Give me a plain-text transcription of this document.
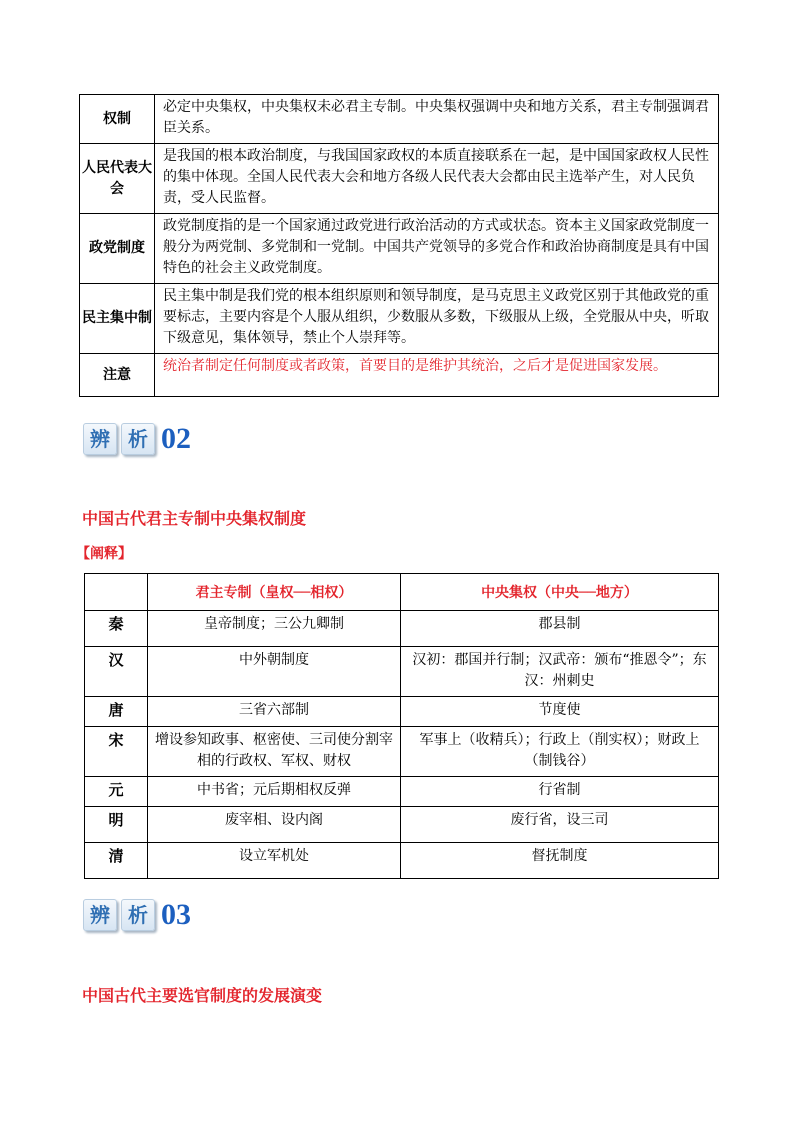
权制	必定中央集权，中央集权未必君主专制。中央集权强调中央和地方关系，君主专制强调君臣关系。
人民代表大会	是我国的根本政治制度，与我国国家政权的本质直接联系在一起，是中国国家政权人民性的集中体现。全国人民代表大会和地方各级人民代表大会都由民主选举产生，对人民负责，受人民监督。
政党制度	政党制度指的是一个国家通过政党进行政治活动的方式或状态。资本主义国家政党制度一般分为两党制、多党制和一党制。中国共产党领导的多党合作和政治协商制度是具有中国特色的社会主义政党制度。
民主集中制	民主集中制是我们党的根本组织原则和领导制度，是马克思主义政党区别于其他政党的重要标志，主要内容是个人服从组织，少数服从多数，下级服从上级，全党服从中央，听取下级意见，集体领导，禁止个人崇拜等。
注意	统治者制定任何制度或者政策，首要目的是维护其统治，之后才是促进国家发展。
辨 析 02
中国古代君主专制中央集权制度
【阐释】
	君主专制（皇权──相权）	中央集权（中央──地方）
秦	皇帝制度；三公九卿制	郡县制
汉	中外朝制度	汉初：郡国并行制；汉武帝：颁布“推恩令”；东汉：州刺史
唐	三省六部制	节度使
宋	增设参知政事、枢密使、三司使分割宰相的行政权、军权、财权	军事上（收精兵）；行政上（削实权）；财政上（制钱谷）
元	中书省；元后期相权反弹	行省制
明	废宰相、设内阁	废行省，设三司
清	设立军机处	督抚制度
辨 析 03
中国古代主要选官制度的发展演变
